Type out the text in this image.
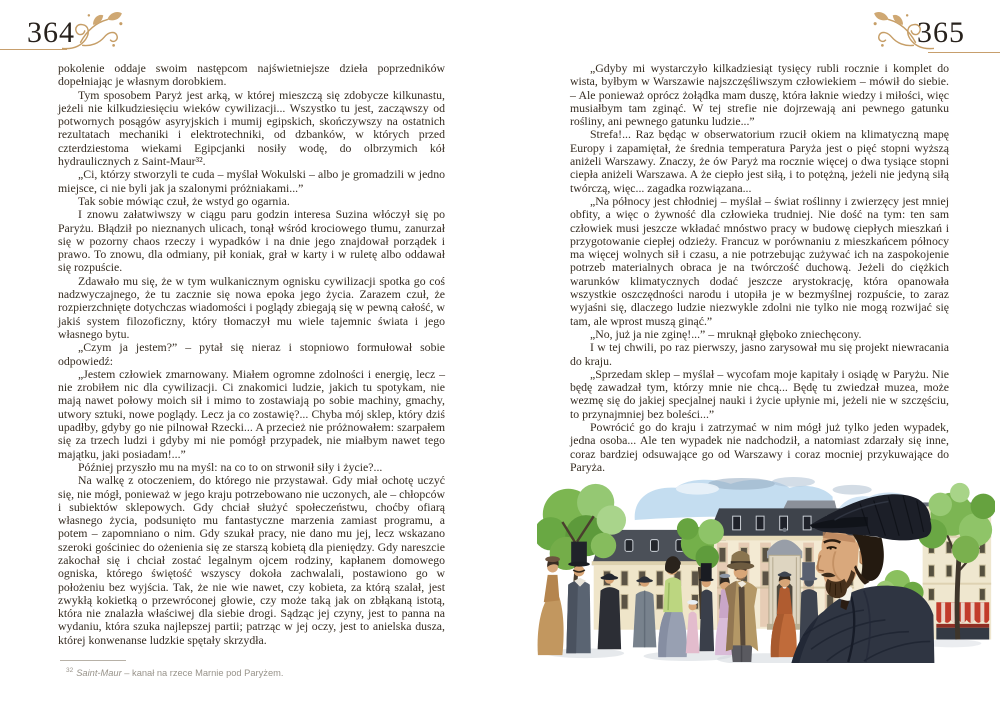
364

pokolenie oddaje swoim następcom najświetniejsze dzieła poprzedników dopełniając je własnym dorobkiem.

Tym sposobem Paryż jest arką, w której mieszczą się zdobycze kilkunastu, jeżeli nie kilkudziesięciu wieków cywilizacji... Wszystko tu jest, zacząwszy od potwornych posągów asyryjskich i mumij egipskich, skończywszy na ostatnich rezultatach mechaniki i elektrotechniki, od dzbanków, w których przed czterdziestoma wiekami Egipcjanki nosiły wodę, do olbrzymich kół hydraulicznych z Saint-Maur³².

„Ci, którzy stworzyli te cuda – myślał Wokulski – albo je gromadzili w jedno miejsce, ci nie byli jak ja szalonymi próżniakami...”

Tak sobie mówiąc czuł, że wstyd go ogarnia.

I znowu załatwiwszy w ciągu paru godzin interesa Suzina włóczył się po Paryżu. Błądził po nieznanych ulicach, tonął wśród krociowego tłumu, zanurzał się w pozorny chaos rzeczy i wypadków i na dnie jego znajdował porządek i prawo. To znowu, dla odmiany, pił koniak, grał w karty i w ruletę albo oddawał się rozpuście.

Zdawało mu się, że w tym wulkanicznym ognisku cywilizacji spotka go coś nadzwyczajnego, że tu zacznie się nowa epoka jego życia. Zarazem czuł, że rozpierzchnięte dotychczas wiadomości i poglądy zbiegają się w pewną całość, w jakiś system filozoficzny, który tłomaczył mu wiele tajemnic świata i jego własnego bytu.

„Czym ja jestem?” – pytał się nieraz i stopniowo formułował sobie odpowiedź:

„Jestem człowiek zmarnowany. Miałem ogromne zdolności i energię, lecz – nie zrobiłem nic dla cywilizacji. Ci znakomici ludzie, jakich tu spotykam, nie mają nawet połowy moich sił i mimo to zostawiają po sobie machiny, gmachy, utwory sztuki, nowe poglądy. Lecz ja co zostawię?... Chyba mój sklep, który dziś upadłby, gdyby go nie pilnował Rzecki... A przecież nie próżnowałem: szarpałem się za trzech ludzi i gdyby mi nie pomógł przypadek, nie miałbym nawet tego majątku, jaki posiadam!...”

Później przyszło mu na myśl: na co to on strwonił siły i życie?...

Na walkę z otoczeniem, do którego nie przystawał. Gdy miał ochotę uczyć się, nie mógł, ponieważ w jego kraju potrzebowano nie uczonych, ale – chłopców i subiektów sklepowych. Gdy chciał służyć społeczeństwu, choćby ofiarą własnego życia, podsunięto mu fantastyczne marzenia zamiast programu, a potem – zapomniano o nim. Gdy szukał pracy, nie dano mu jej, lecz wskazano szeroki gościniec do ożenienia się ze starszą kobietą dla pieniędzy. Gdy nareszcie zakochał się i chciał zostać legalnym ojcem rodziny, kapłanem domowego ogniska, którego świętość wszyscy dokoła zachwalali, postawiono go w położeniu bez wyjścia. Tak, że nie wie nawet, czy kobieta, za którą szalał, jest zwykłą kokietką o przewróconej głowie, czy może taką jak on zbłąkaną istotą, która nie znalazła właściwej dla siebie drogi. Sądząc jej czyny, jest to panna na wydaniu, która szuka najlepszej partii; patrząc w jej oczy, jest to anielska dusza, której konwenanse ludzkie spętały skrzydła.

$^{32}$ Saint-Maur – kanał na rzece Marnie pod Paryżem.

365

„Gdyby mi wystarczyło kilkadziesiąt tysięcy rubli rocznie i komplet do wista, byłbym w Warszawie najszczęśliwszym człowiekiem – mówił do siebie. – Ale ponieważ oprócz żołądka mam duszę, która łaknie wiedzy i miłości, więc musiałbym tam zginąć. W tej strefie nie dojrzewają ani pewnego gatunku rośliny, ani pewnego gatunku ludzie...”

Strefa!... Raz będąc w obserwatorium rzucił okiem na klimatyczną mapę Europy i zapamiętał, że średnia temperatura Paryża jest o pięć stopni wyższą aniżeli Warszawy. Znaczy, że ów Paryż ma rocznie więcej o dwa tysiące stopni ciepła aniżeli Warszawa. A że ciepło jest siłą, i to potężną, jeżeli nie jedyną siłą twórczą, więc... zagadka rozwiązana...

„Na północy jest chłodniej – myślał – świat roślinny i zwierzęcy jest mniej obfity, a więc o żywność dla człowieka trudniej. Nie dość na tym: ten sam człowiek musi jeszcze wkładać mnóstwo pracy w budowę ciepłych mieszkań i przygotowanie ciepłej odzieży. Francuz w porównaniu z mieszkańcem północy ma więcej wolnych sił i czasu, a nie potrzebując zużywać ich na zaspokojenie potrzeb materialnych obraca je na twórczość duchową. Jeżeli do ciężkich warunków klimatycznych dodać jeszcze arystokrację, która opanowała wszystkie oszczędności narodu i utopiła je w bezmyślnej rozpuście, to zaraz wyjaśni się, dlaczego ludzie niezwykle zdolni nie tylko nie mogą rozwijać się tam, ale wprost muszą ginąć.”

„No, już ja nie zginę!...” – mruknął głęboko zniechęcony.

I w tej chwili, po raz pierwszy, jasno zarysował mu się projekt niewracania do kraju.

„Sprzedam sklep – myślał – wycofam moje kapitały i osiądę w Paryżu. Nie będę zawadzał tym, którzy mnie nie chcą... Będę tu zwiedzał muzea, może wezmę się do jakiej specjalnej nauki i życie upłynie mi, jeżeli nie w szczęściu, to przynajmniej bez boleści...”

Powrócić go do kraju i zatrzymać w nim mógł już tylko jeden wypadek, jedna osoba... Ale ten wypadek nie nadchodził, a natomiast zdarzały się inne, coraz bardziej odsuwające go od Warszawy i coraz mocniej przykuwające do Paryża.
